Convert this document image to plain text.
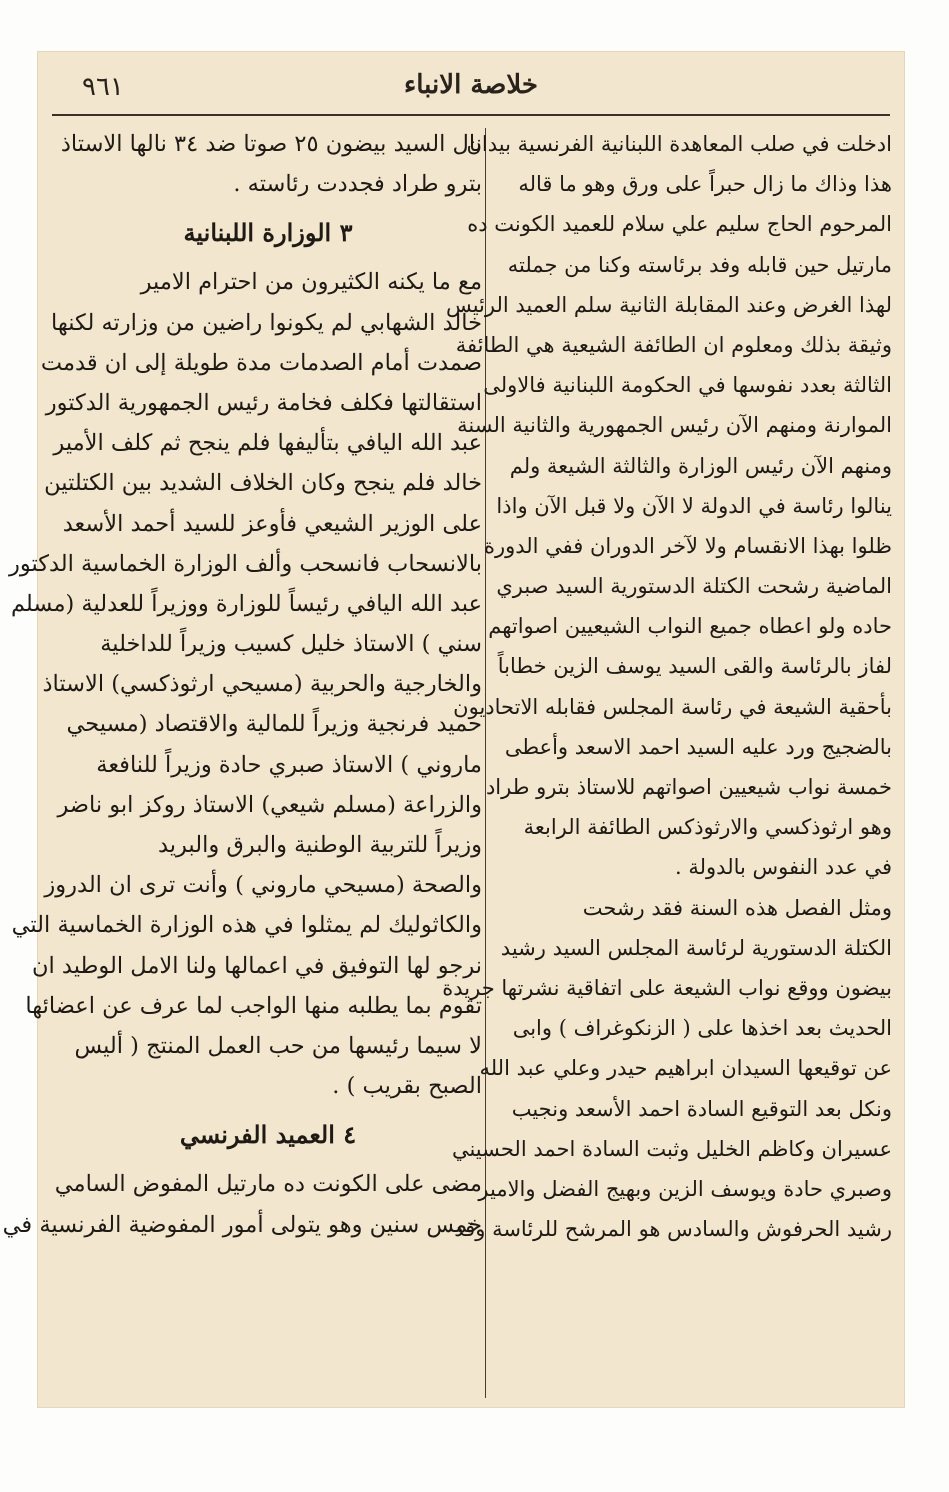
٩٦١	خلاصة الانباء
ادخلت في صلب المعاهدة اللبنانية الفرنسية بيدان
هذا وذاك ما زال حبراً على ورق وهو ما قاله
المرحوم الحاج سليم علي سلام للعميد الكونت ده
مارتيل حين قابله وفد برئاسته وكنا من جملته
لهذا الغرض وعند المقابلة الثانية سلم العميد الرئيس
وثيقة بذلك ومعلوم ان الطائفة الشيعية هي الطائفة
الثالثة بعدد نفوسها في الحكومة اللبنانية فالاولى
الموارنة ومنهم الآن رئيس الجمهورية والثانية السنة
ومنهم الآن رئيس الوزارة والثالثة الشيعة ولم
ينالوا رئاسة في الدولة لا الآن ولا قبل الآن واذا
ظلوا بهذا الانقسام ولا لآخر الدوران ففي الدورة
الماضية رشحت الكتلة الدستورية السيد صبري
حاده ولو اعطاه جميع النواب الشيعيين اصواتهم
لفاز بالرئاسة والقى السيد يوسف الزين خطاباً
بأحقية الشيعة في رئاسة المجلس فقابله الاتحاديون
بالضجيج ورد عليه السيد احمد الاسعد وأعطى
خمسة نواب شيعيين اصواتهم للاستاذ بترو طراد
وهو ارثوذكسي والارثوذكس الطائفة الرابعة
في عدد النفوس بالدولة .
ومثل الفصل هذه السنة فقد رشحت
الكتلة الدستورية لرئاسة المجلس السيد رشيد
بيضون ووقع نواب الشيعة على اتفاقية نشرتها جريدة
الحديث بعد اخذها على ( الزنكوغراف ) وابى
عن توقيعها السيدان ابراهيم حيدر وعلي عبد الله
ونكل بعد التوقيع السادة احمد الأسعد ونجيب
عسيران وكاظم الخليل وثبت السادة احمد الحسيني
وصبري حادة ويوسف الزين وبهيج الفضل والامير
رشيد الحرفوش والسادس هو المرشح للرئاسة وقد
نال السيد بيضون ٢٥ صوتا ضد ٣٤ نالها الاستاذ
بترو طراد فجددت رئاسته .
٣ الوزارة اللبنانية
مع ما يكنه الكثيرون من احترام الامير
خالد الشهابي لم يكونوا راضين من وزارته لكنها
صمدت أمام الصدمات مدة طويلة إلى ان قدمت
استقالتها فكلف فخامة رئيس الجمهورية الدكتور
عبد الله اليافي بتأليفها فلم ينجح ثم كلف الأمير
خالد فلم ينجح وكان الخلاف الشديد بين الكتلتين
على الوزير الشيعي فأوعز للسيد أحمد الأسعد
بالانسحاب فانسحب وألف الوزارة الخماسية الدكتور
عبد الله اليافي رئيساً للوزارة ووزيراً للعدلية (مسلم
سني ) الاستاذ خليل كسيب وزيراً للداخلية
والخارجية والحربية (مسيحي ارثوذكسي) الاستاذ
حميد فرنجية وزيراً للمالية والاقتصاد (مسيحي
ماروني ) الاستاذ صبري حادة وزيراً للنافعة
والزراعة (مسلم شيعي) الاستاذ روكز ابو ناضر
وزيراً للتربية الوطنية والبرق والبريد
والصحة (مسيحي ماروني ) وأنت ترى ان الدروز
والكاثوليك لم يمثلوا في هذه الوزارة الخماسية التي
نرجو لها التوفيق في اعمالها ولنا الامل الوطيد ان
تقوم بما يطلبه منها الواجب لما عرف عن اعضائها
لا سيما رئيسها من حب العمل المنتج ( أليس
الصبح بقريب ) .
٤ العميد الفرنسي
مضى على الكونت ده مارتيل المفوض السامي
خمس سنين وهو يتولى أمور المفوضية الفرنسية في
